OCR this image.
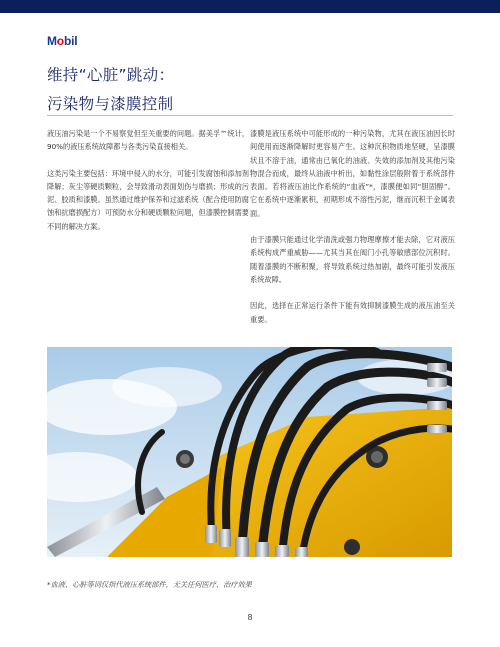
Mobil
维持“心脏”跳动：
污染物与漆膜控制

液压油污染是一个不易察觉但至关重要的问题。据美孚™统计，90%的液压系统故障都与各类污染直接相关。

这类污染主要包括：环境中侵入的水分，可能引发腐蚀和添加剂降解；灰尘等硬质颗粒，会导致滑动表面划伤与磨损；形成的污泥、胶质和漆膜。虽然通过维护保养和过滤系统（配合使用防腐蚀和抗磨损配方）可预防水分和硬质颗粒问题，但漆膜控制需要不同的解决方案。

漆膜是液压系统中可能形成的一种污染物，尤其在液压油因长时间使用而逐渐降解时更容易产生。这种沉积物质地坚硬，呈漆膜状且不溶于油，通常由已氧化的油液、失效的添加剂及其他污染物混合而成，最终从油液中析出，如黏性涂层般附着于系统部件表面。若将液压油比作系统的“血液”*，漆膜便如同“胆固醇”。它在系统中逐渐累积，初期形成不溶性污泥，继而沉积于金属表面。

由于漆膜只能通过化学清洗或强力物理摩擦才能去除，它对液压系统构成严重威胁——尤其当其在阀门小孔等敏感部位沉积时。随着漆膜的不断积聚，将导致系统过热加剧，最终可能引发液压系统故障。

因此，选择在正常运行条件下能有效抑制漆膜生成的液压油至关重要。

*血液、心脏等词仅指代液压系统部件，无关任何医疗、治疗效果
8
